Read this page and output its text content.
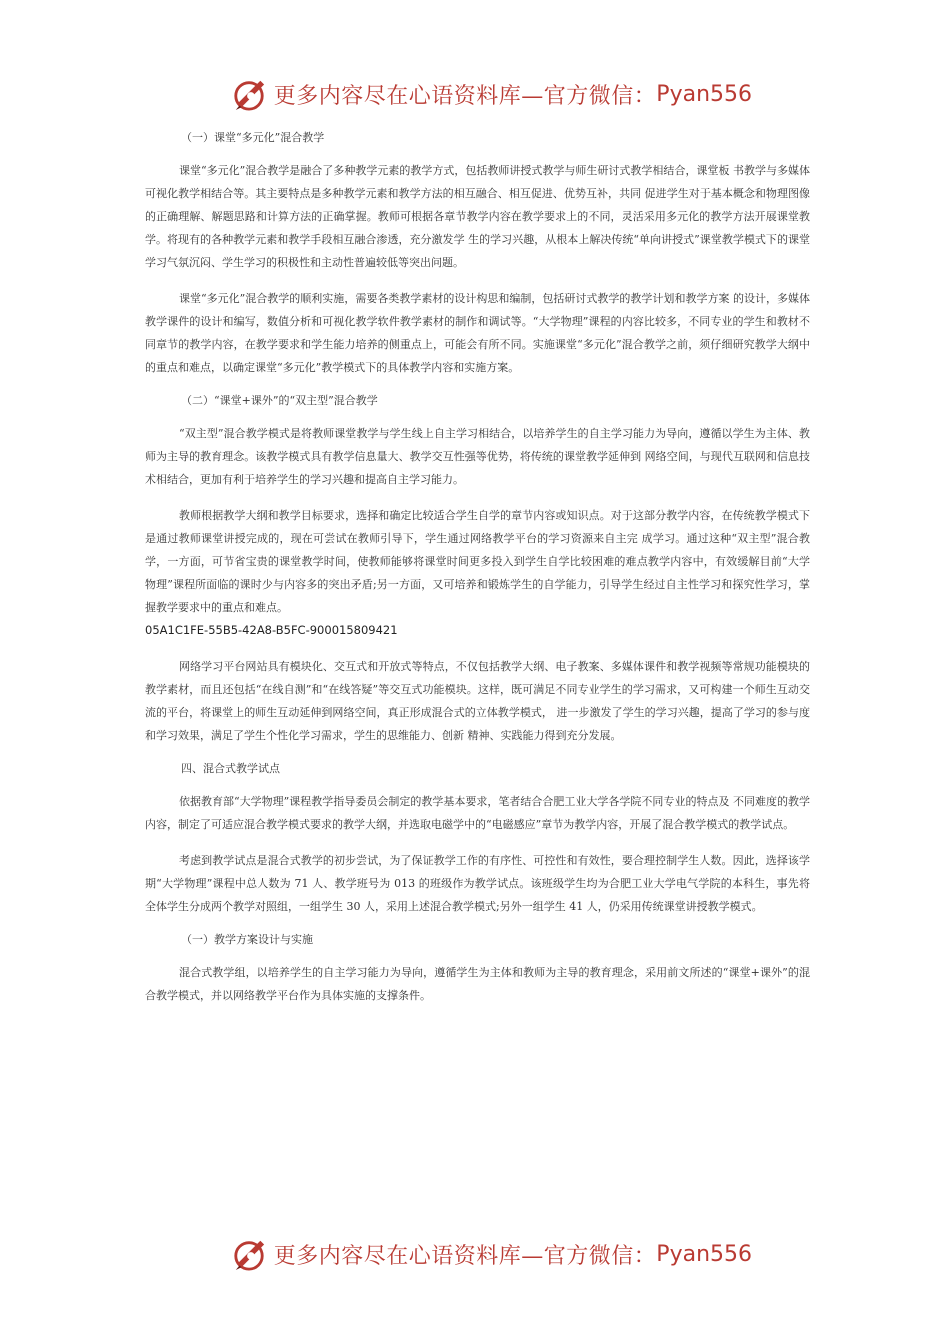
更多内容尽在心语资料库—官方微信： Pyan556

（一）课堂“多元化”混合教学

课堂“多元化”混合教学是融合了多种教学元素的教学方式，包括教师讲授式教学与师生研讨式教学相结合，课堂板 书教学与多媒体可视化教学相结合等。其主要特点是多种教学元素和教学方法的相互融合、相互促进、优势互补，共同 促进学生对于基本概念和物理图像的正确理解、解题思路和计算方法的正确掌握。教师可根据各章节教学内容在教学要求上的不同，灵活采用多元化的教学方法开展课堂教学。将现有的各种教学元素和教学手段相互融合渗透，充分激发学 生的学习兴趣，从根本上解决传统“单向讲授式”课堂教学模式下的课堂学习气氛沉闷、学生学习的积极性和主动性普遍较低等突出问题。

课堂“多元化”混合教学的顺利实施，需要各类教学素材的设计构思和编制，包括研讨式教学的教学计划和教学方案 的设计，多媒体教学课件的设计和编写，数值分析和可视化教学软件教学素材的制作和调试等。“大学物理”课程的内容比较多，不同专业的学生和教材不同章节的教学内容，在教学要求和学生能力培养的侧重点上，可能会有所不同。实施课堂“多元化”混合教学之前，须仔细研究教学大纲中的重点和难点，以确定课堂“多元化”教学模式下的具体教学内容和实施方案。

（二）“课堂+课外”的“双主型”混合教学

“双主型”混合教学模式是将教师课堂教学与学生线上自主学习相结合，以培养学生的自主学习能力为导向，遵循以学生为主体、教师为主导的教育理念。该教学模式具有教学信息量大、教学交互性强等优势，将传统的课堂教学延伸到 网络空间，与现代互联网和信息技术相结合，更加有利于培养学生的学习兴趣和提高自主学习能力。

教师根据教学大纲和教学目标要求，选择和确定比较适合学生自学的章节内容或知识点。对于这部分教学内容，在传统教学模式下是通过教师课堂讲授完成的，现在可尝试在教师引导下，学生通过网络教学平台的学习资源来自主完 成学习。通过这种“双主型”混合教学，一方面，可节省宝贵的课堂教学时间，使教师能够将课堂时间更多投入到学生自学比较困难的难点教学内容中，有效缓解目前“大学物理”课程所面临的课时少与内容多的突出矛盾;另一方面，又可培养和锻炼学生的自学能力，引导学生经过自主性学习和探究性学习，掌握教学要求中的重点和难点。

05A1C1FE-55B5-42A8-B5FC-900015809421

网络学习平台网站具有模块化、交互式和开放式等特点，不仅包括教学大纲、电子教案、多媒体课件和教学视频等常规功能模块的教学素材，而且还包括“在线自测”和“在线答疑”等交互式功能模块。这样，既可满足不同专业学生的学习需求，又可构建一个师生互动交流的平台，将课堂上的师生互动延伸到网络空间，真正形成混合式的立体教学模式， 进一步激发了学生的学习兴趣，提高了学习的参与度和学习效果，满足了学生个性化学习需求，学生的思维能力、创新 精神、实践能力得到充分发展。

四、混合式教学试点

依据教育部“大学物理”课程教学指导委员会制定的教学基本要求，笔者结合合肥工业大学各学院不同专业的特点及 不同难度的教学内容，制定了可适应混合教学模式要求的教学大纲，并选取电磁学中的“电磁感应”章节为教学内容，开展了混合教学模式的教学试点。

考虑到教学试点是混合式教学的初步尝试，为了保证教学工作的有序性、可控性和有效性，要合理控制学生人数。因此，选择该学期“大学物理”课程中总人数为 71 人、教学班号为 013 的班级作为教学试点。该班级学生均为合肥工业大学电气学院的本科生，事先将全体学生分成两个教学对照组，一组学生 30 人，采用上述混合教学模式;另外一组学生 41 人，仍采用传统课堂讲授教学模式。

（一）教学方案设计与实施

混合式教学组，以培养学生的自主学习能力为导向，遵循学生为主体和教师为主导的教育理念，采用前文所述的“课堂+课外”的混合教学模式，并以网络教学平台作为具体实施的支撑条件。

更多内容尽在心语资料库—官方微信： Pyan556
